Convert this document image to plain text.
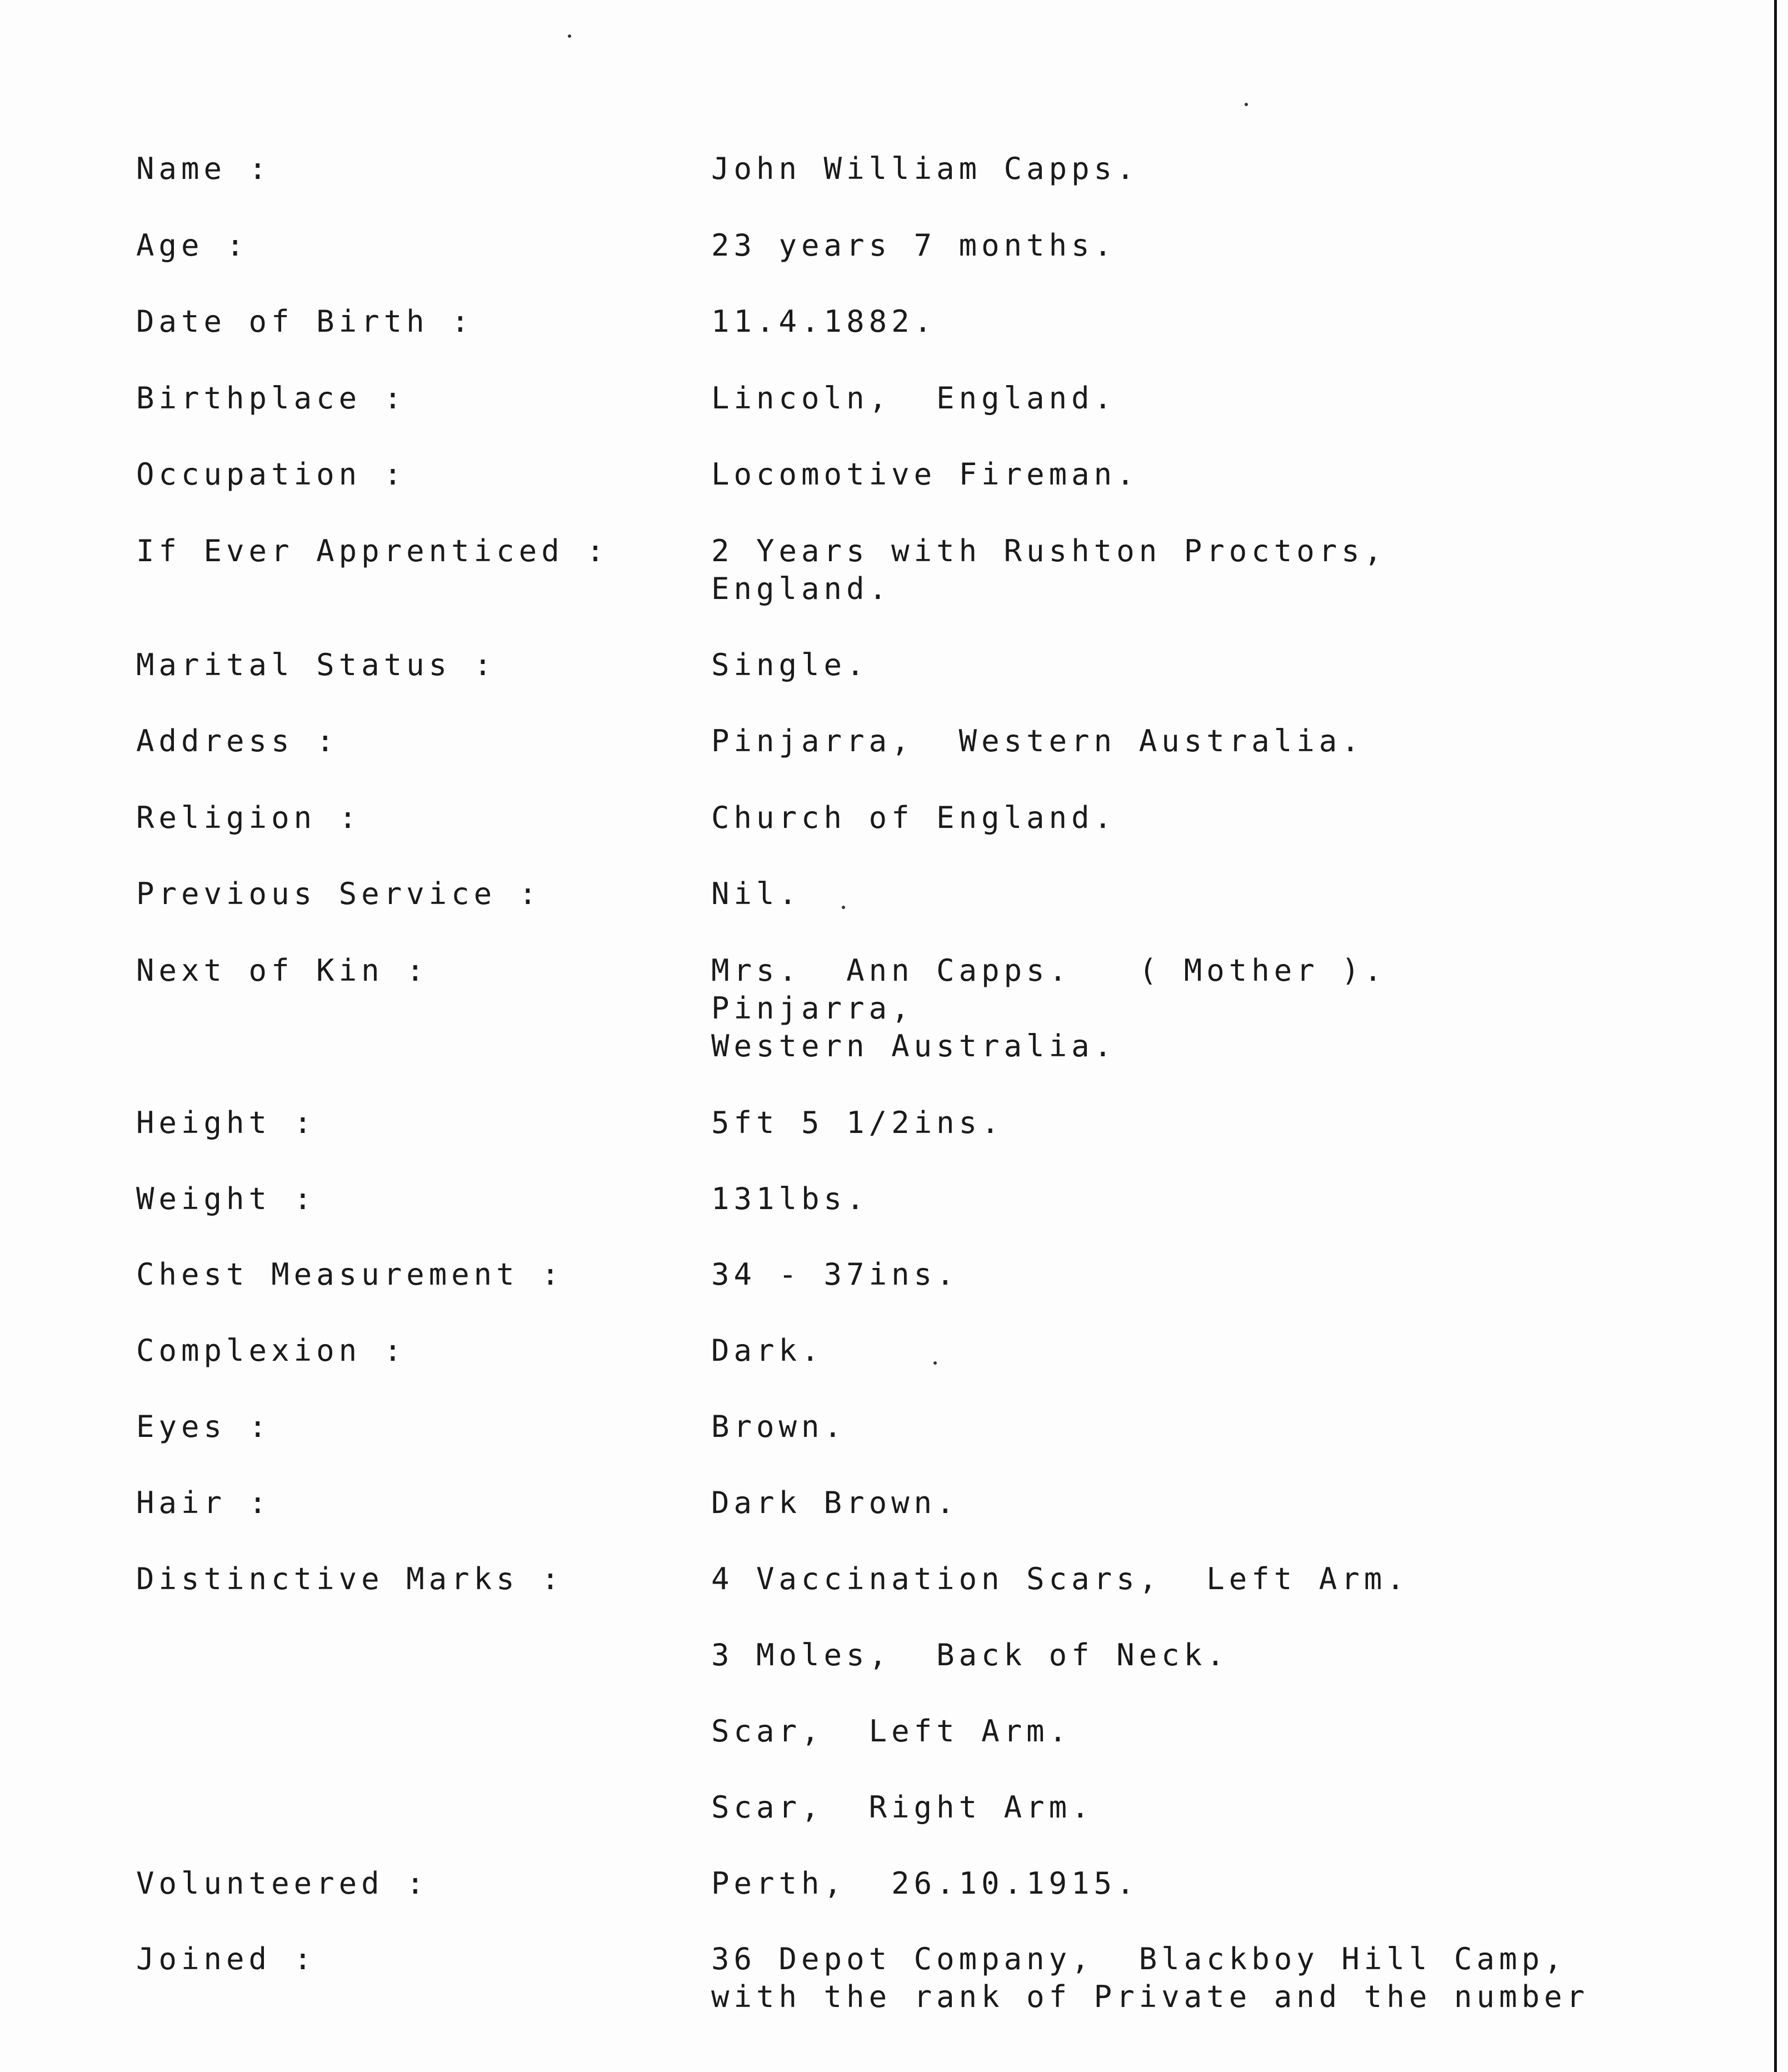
Name :	John William Capps.
Age :	23 years 7 months.
Date of Birth :	11.4.1882.
Birthplace :	Lincoln,  England.
Occupation :	Locomotive Fireman.
If Ever Apprenticed :	2 Years with Rushton Proctors,
England.
Marital Status :	Single.
Address :	Pinjarra,  Western Australia.
Religion :	Church of England.
Previous Service :	Nil.
Next of Kin :	Mrs.  Ann Capps.   ( Mother ).
Pinjarra,
Western Australia.
Height :	5ft 5 1/2ins.
Weight :	131lbs.
Chest Measurement :	34 - 37ins.
Complexion :	Dark.
Eyes :	Brown.
Hair :	Dark Brown.
Distinctive Marks :	4 Vaccination Scars,  Left Arm.
3 Moles,  Back of Neck.
Scar,  Left Arm.
Scar,  Right Arm.
Volunteered :	Perth,  26.10.1915.
Joined :	36 Depot Company,  Blackboy Hill Camp,
with the rank of Private and the number
